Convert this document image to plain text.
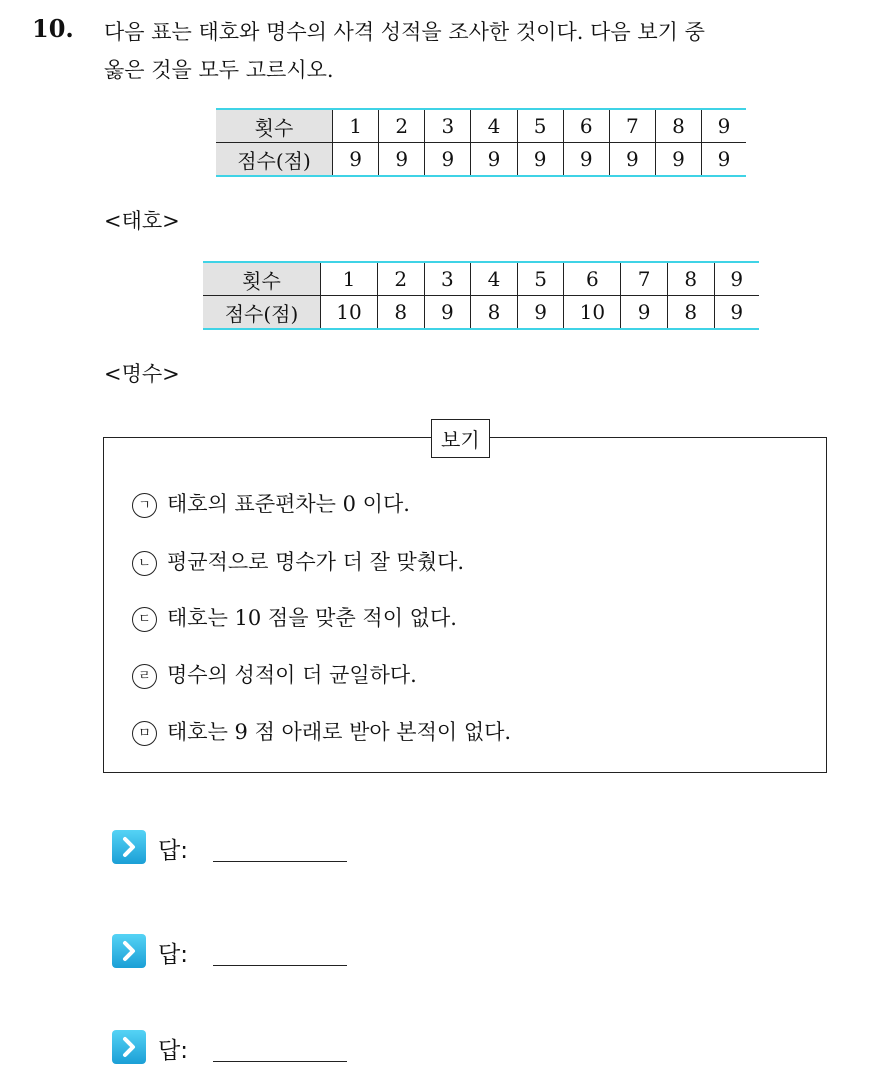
10. 다음 표는 태호와 명수의 사격 성적을 조사한 것이다. 다음 보기 중
옳은 것을 모두 고르시오.
횟수	1	2	3	4	5	6	7	8	9
점수(점)	9	9	9	9	9	9	9	9	9
<태호>
횟수	1	2	3	4	5	6	7	8	9
점수(점)	10	8	9	8	9	10	9	8	9
<명수>
보기
ㄱ 태호의 표준편차는 0 이다.
ㄴ 평균적으로 명수가 더 잘 맞췄다.
ㄷ 태호는 10 점을 맞춘 적이 없다.
ㄹ 명수의 성적이 더 균일하다.
ㅁ 태호는 9 점 아래로 받아 본적이 없다.
답:
답:
답:
